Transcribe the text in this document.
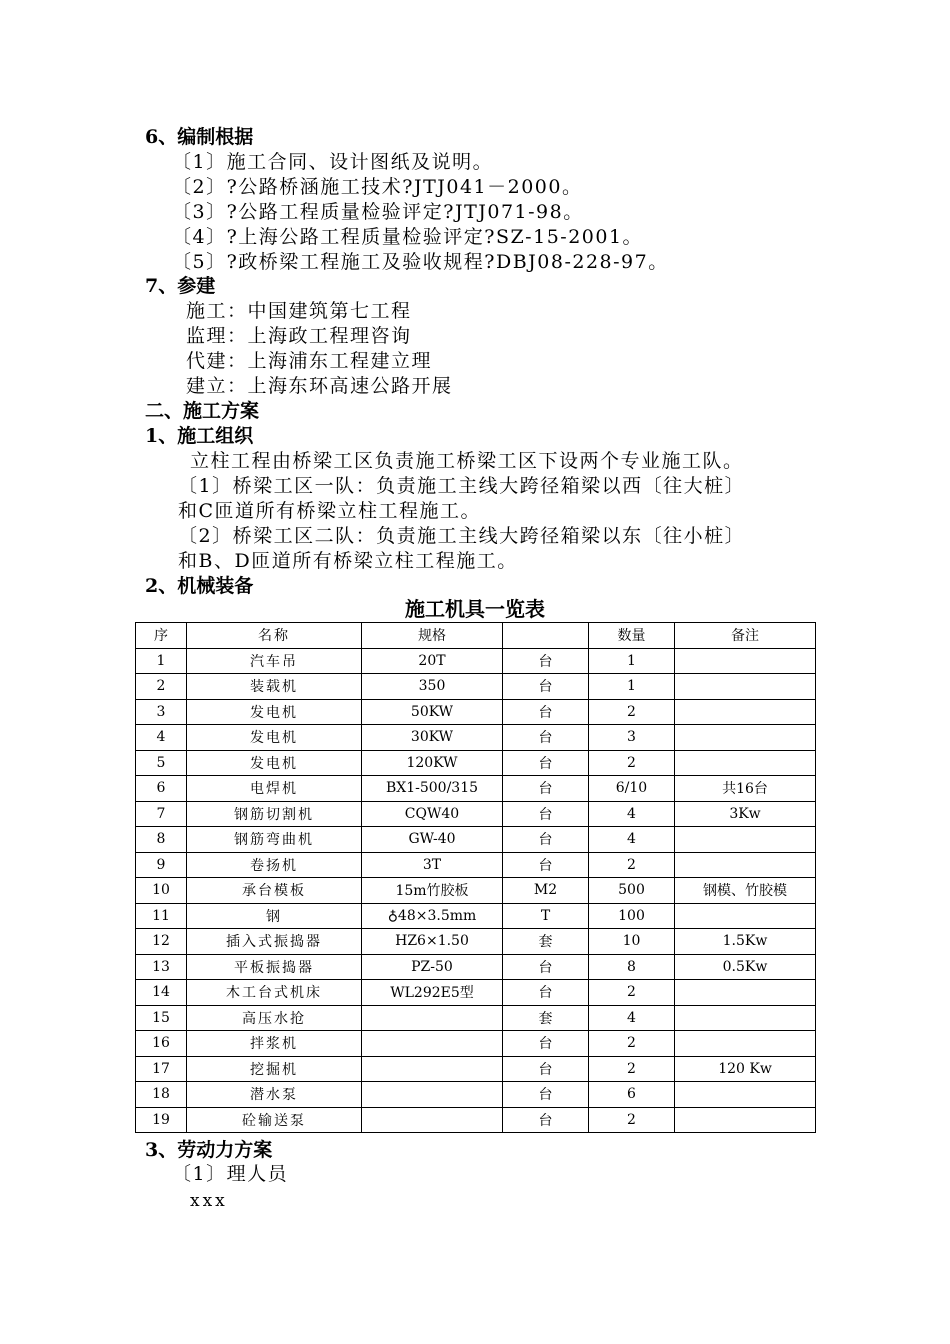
6、编制根据
〔1〕施工合同、设计图纸及说明。
〔2〕?公路桥涵施工技术?JTJ041－2000。
〔3〕?公路工程质量检验评定?JTJ071-98。
〔4〕?上海公路工程质量检验评定?SZ-15-2001。
〔5〕?政桥梁工程施工及验收规程?DBJ08-228-97。
7、参建
施工：中国建筑第七工程
监理：上海政工程理咨询
代建：上海浦东工程建立理
建立：上海东环高速公路开展
二、施工方案
1、施工组织
立柱工程由桥梁工区负责施工桥梁工区下设两个专业施工队。
〔1〕桥梁工区一队：负责施工主线大跨径箱梁以西〔往大桩〕
和C匝道所有桥梁立柱工程施工。
〔2〕桥梁工区二队：负责施工主线大跨径箱梁以东〔往小桩〕
和B、D匝道所有桥梁立柱工程施工。
2、机械装备
施工机具一览表
序	名称	规格		数量	备注
1	汽车吊	20T	台	1	
2	装载机	350	台	1	
3	发电机	50KW	台	2	
4	发电机	30KW	台	3	
5	发电机	120KW	台	2	
6	电焊机	BX1-500/315	台	6/10	共16台
7	钢筋切割机	CQW40	台	4	3Kw
8	钢筋弯曲机	GW-40	台	4	
9	卷扬机	3T	台	2	
10	承台模板	15m竹胶板	M2	500	钢模、竹胶模
11	钢	♁48×3.5mm	T	100	
12	插入式振捣器	HZ6×1.50	套	10	1.5Kw
13	平板振捣器	PZ-50	台	8	0.5Kw
14	木工台式机床	WL292E5型	台	2	
15	高压水抢		套	4	
16	拌浆机		台	2	
17	挖掘机		台	2	120 Kw
18	潜水泵		台	6	
19	砼输送泵		台	2	
3、劳动力方案
〔1〕理人员
xxx
